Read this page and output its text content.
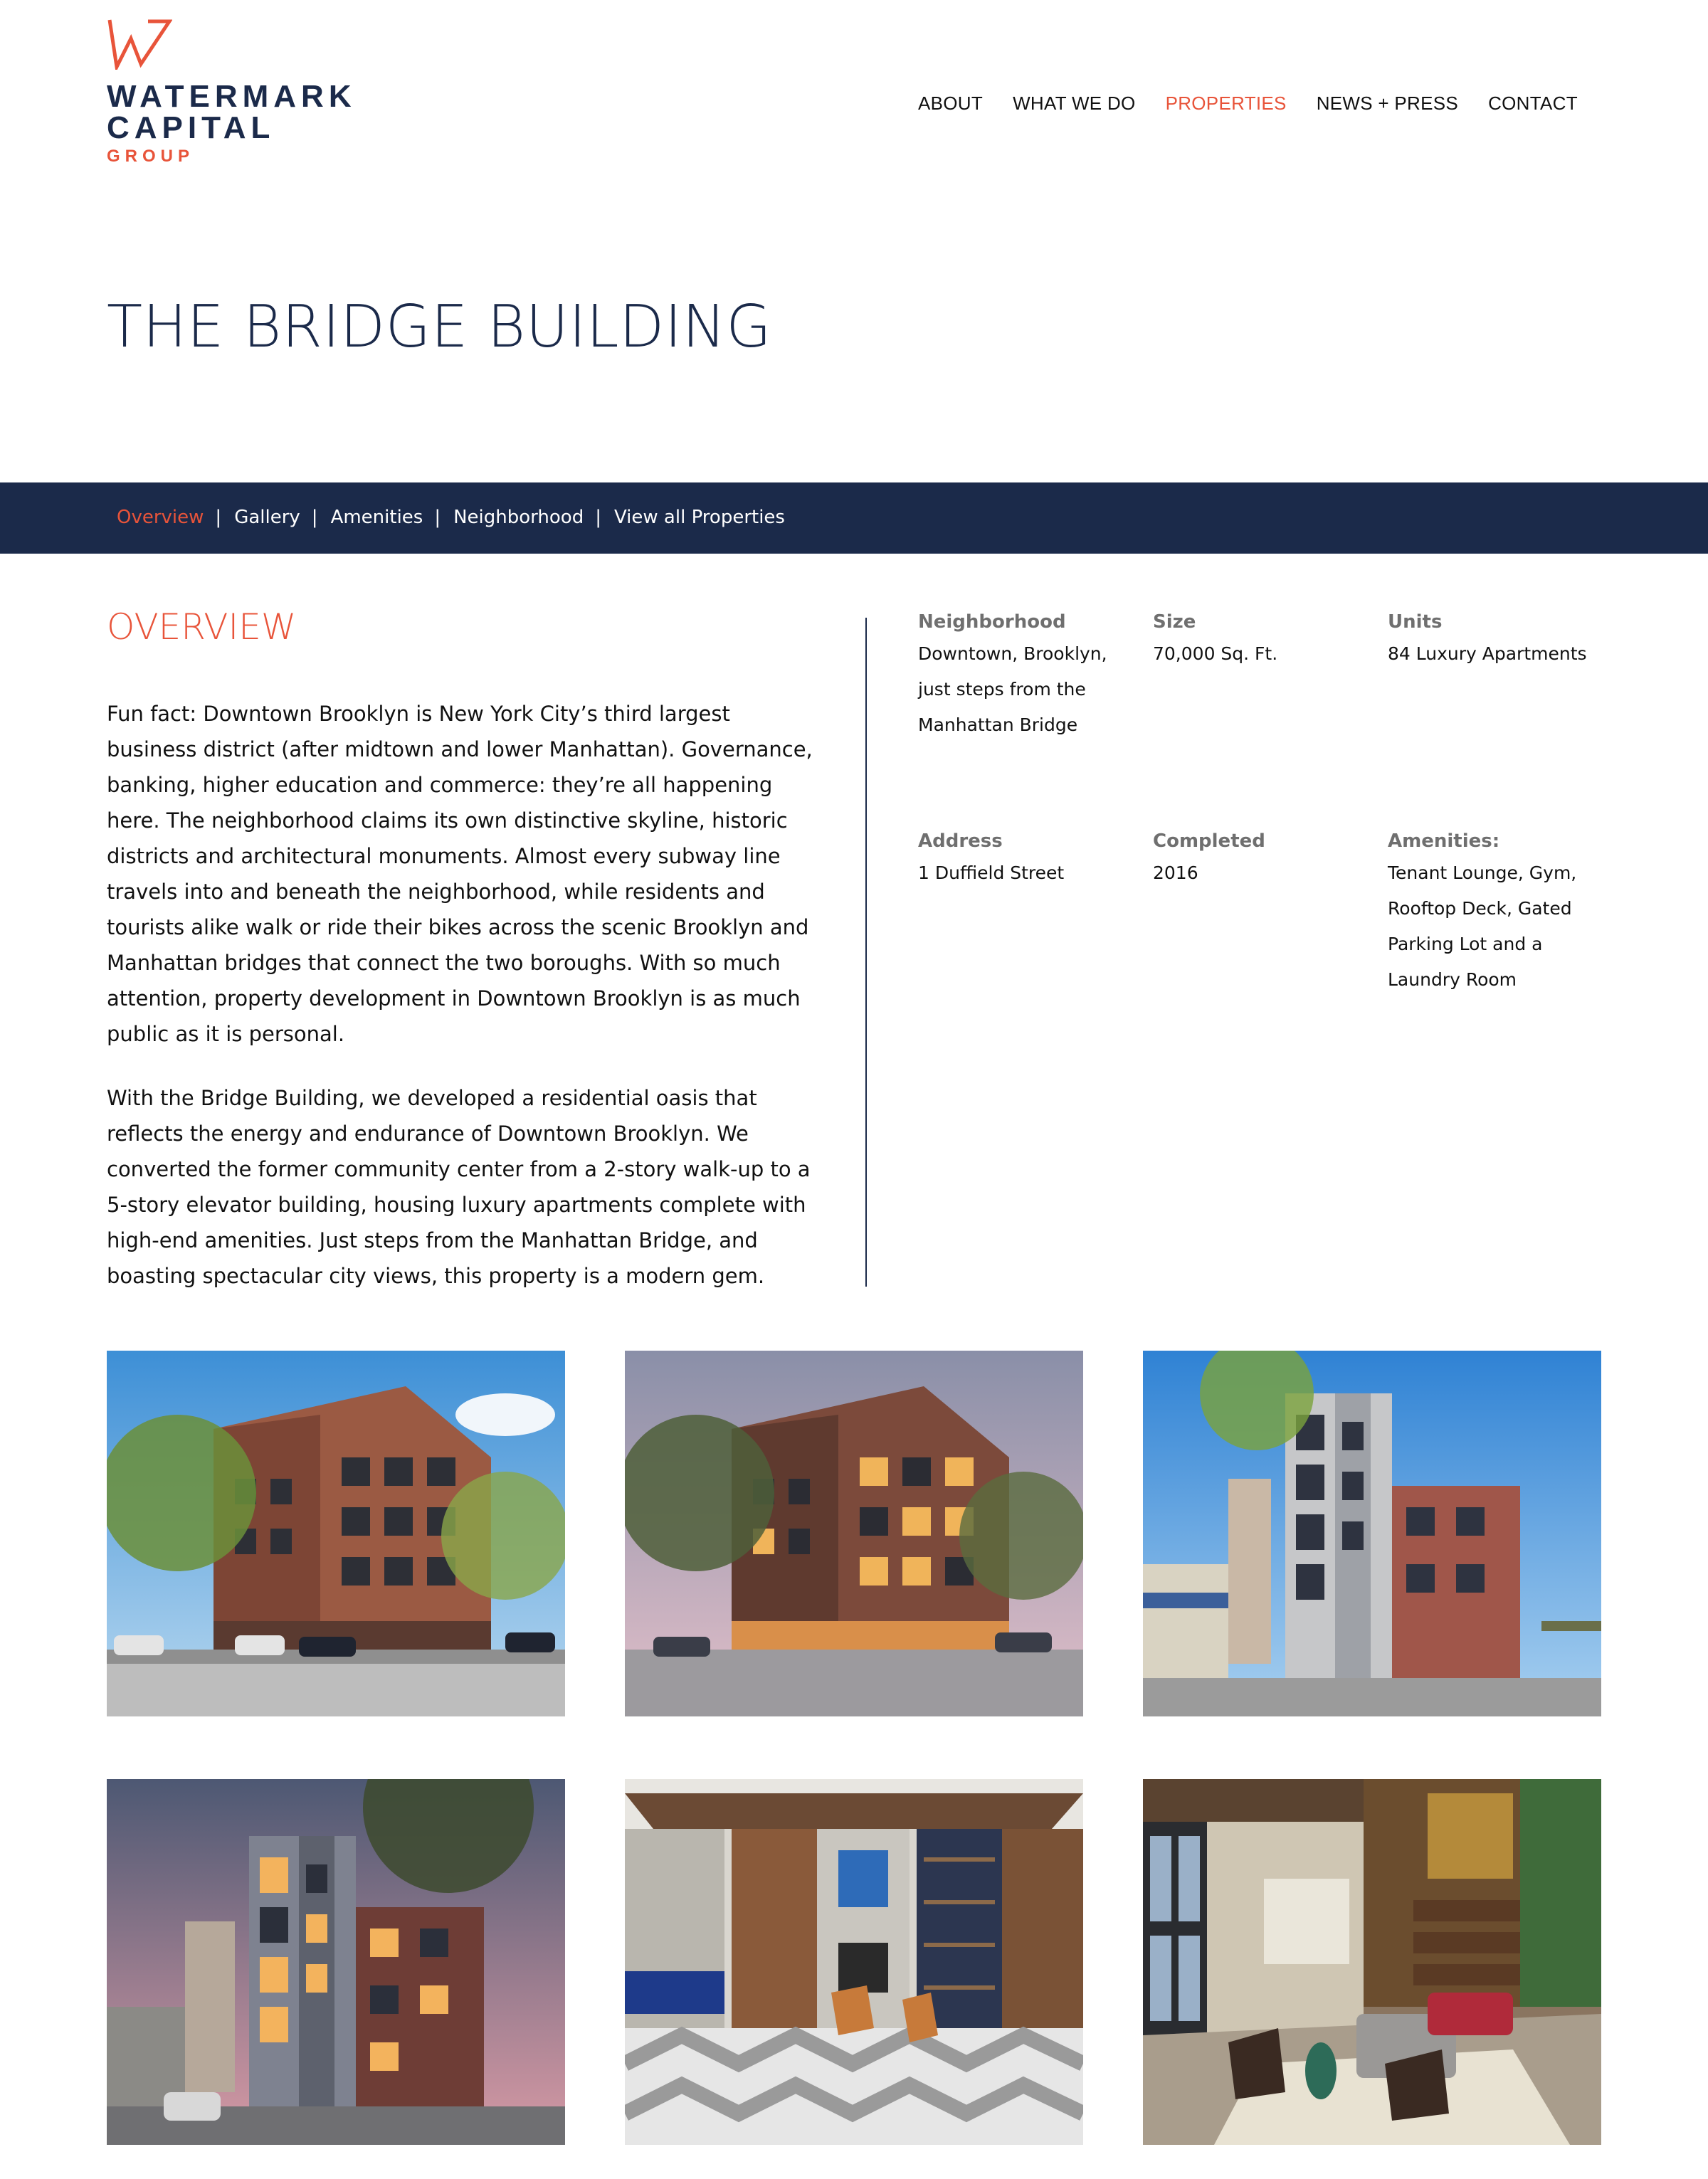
WATERMARK
CAPITAL
GROUP
ABOUT WHAT WE DO PROPERTIES NEWS + PRESS CONTACT
THE BRIDGE BUILDING
Overview | Gallery | Amenities | Neighborhood | View all Properties
OVERVIEW

Fun fact: Downtown Brooklyn is New York City’s third largest business district (after midtown and lower Manhattan). Governance, banking, higher education and commerce: they’re all happening here. The neighborhood claims its own distinctive skyline, historic districts and architectural monuments. Almost every subway line travels into and beneath the neighborhood, while residents and tourists alike walk or ride their bikes across the scenic Brooklyn and Manhattan bridges that connect the two boroughs. With so much attention, property development in Downtown Brooklyn is as much public as it is personal.

With the Bridge Building, we developed a residential oasis that reflects the energy and endurance of Downtown Brooklyn. We converted the former community center from a 2-story walk-up to a 5-story elevator building, housing luxury apartments complete with high-end amenities. Just steps from the Manhattan Bridge, and boasting spectacular city views, this property is a modern gem.

Neighborhood
Downtown, Brooklyn, just steps from the Manhattan Bridge
Size
70,000 Sq. Ft.
Units
84 Luxury Apartments
Address
1 Duffield Street
Completed
2016
Amenities:
Tenant Lounge, Gym, Rooftop Deck, Gated Parking Lot and a Laundry Room
